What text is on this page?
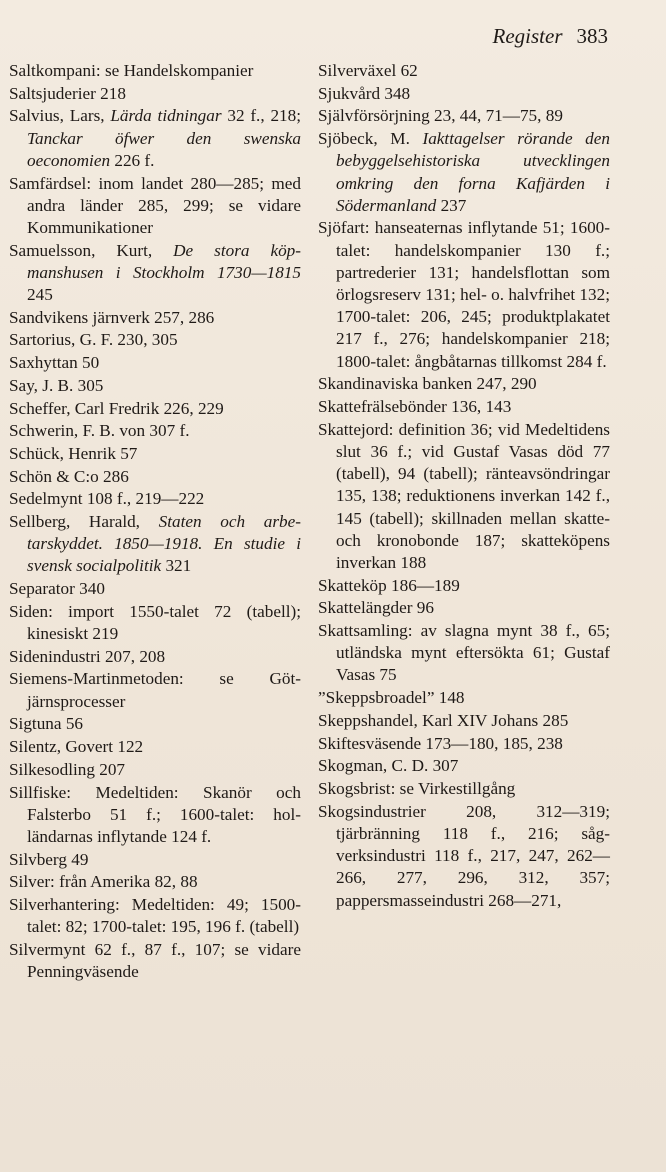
Register 383

Saltkompani: se Handelskompanier

Saltsjuderier 218

Salvius, Lars, Lärda tidningar 32 f., 218; Tanckar öfwer den swenska oeconomien 226 f.

Samfärdsel: inom landet 280—285; med andra länder 285, 299; se vidare Kommunikationer

Samuelsson, Kurt, De stora köpmanshusen i Stockholm 1730—1815 245

Sandvikens järnverk 257, 286

Sartorius, G. F. 230, 305

Saxhyttan 50

Say, J. B. 305

Scheffer, Carl Fredrik 226, 229

Schwerin, F. B. von 307 f.

Schück, Henrik 57

Schön & C:o 286

Sedelmynt 108 f., 219—222

Sellberg, Harald, Staten och arbetarskyddet. 1850—1918. En studie i svensk socialpolitik 321

Separator 340

Siden: import 1550-talet 72 (tabell); kinesiskt 219

Sidenindustri 207, 208

Siemens-Martinmetoden: se Götjärnsprocesser

Sigtuna 56

Silentz, Govert 122

Silkesodling 207

Sillfiske: Medeltiden: Skanör och Falsterbo 51 f.; 1600-talet: holländarnas inflytande 124 f.

Silvberg 49

Silver: från Amerika 82, 88

Silverhantering: Medeltiden: 49; 1500-talet: 82; 1700-talet: 195, 196 f. (tabell)

Silvermynt 62 f., 87 f., 107; se vidare Penningväsende

Silverväxel 62

Sjukvård 348

Självförsörjning 23, 44, 71—75, 89

Sjöbeck, M. Iakttagelser rörande den bebyggelsehistoriska utvecklingen omkring den forna Kafjärden i Södermanland 237

Sjöfart: hanseaternas inflytande 51; 1600-talet: handelskompanier 130 f.; partrederier 131; handelsflottan som örlogsreserv 131; hel- o. halvfrihet 132; 1700-talet: 206, 245; produktplakatet 217 f., 276; handelskompanier 218; 1800-talet: ångbåtarnas tillkomst 284 f.

Skandinaviska banken 247, 290

Skattefrälsebönder 136, 143

Skattejord: definition 36; vid Medeltidens slut 36 f.; vid Gustaf Vasas död 77 (tabell), 94 (tabell); ränteavsöndringar 135, 138; reduktionens inverkan 142 f., 145 (tabell); skillnaden mellan skatte- och kronobonde 187; skatteköpens inverkan 188

Skatteköp 186—189

Skattelängder 96

Skattsamling: av slagna mynt 38 f., 65; utländska mynt eftersökta 61; Gustaf Vasas 75

”Skeppsbroadel” 148

Skeppshandel, Karl XIV Johans 285

Skiftesväsende 173—180, 185, 238

Skogman, C. D. 307

Skogsbrist: se Virkestillgång

Skogsindustrier 208, 312—319; tjärbränning 118 f., 216; sågverksindustri 118 f., 217, 247, 262—266, 277, 296, 312, 357; pappersmasseindustri 268—271,
